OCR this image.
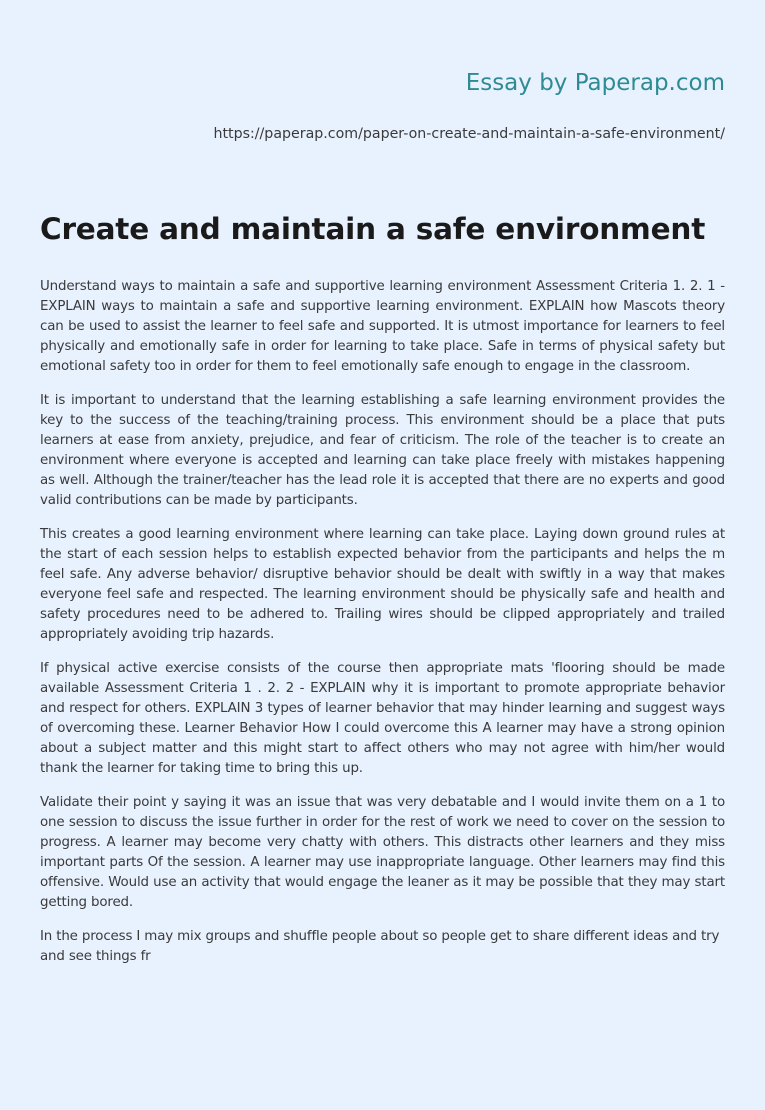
Essay by Paperap.com
https://paperap.com/paper-on-create-and-maintain-a-safe-environment/
Create and maintain a safe environment

Understand ways to maintain a safe and supportive learning environment Assessment Criteria 1. 2. 1 - EXPLAIN ways to maintain a safe and supportive learning environment. EXPLAIN how Mascots theory can be used to assist the learner to feel safe and supported. It is utmost importance for learners to feel physically and emotionally safe in order for learning to take place. Safe in terms of physical safety but emotional safety too in order for them to feel emotionally safe enough to engage in the classroom.

It is important to understand that the learning establishing a safe learning environment provides the key to the success of the teaching/training process. This environment should be a place that puts learners at ease from anxiety, prejudice, and fear of criticism. The role of the teacher is to create an environment where everyone is accepted and learning can take place freely with mistakes happening as well. Although the trainer/teacher has the lead role it is accepted that there are no experts and good valid contributions can be made by participants.

This creates a good learning environment where learning can take place. Laying down ground rules at the start of each session helps to establish expected behavior from the participants and helps the m feel safe. Any adverse behavior/ disruptive behavior should be dealt with swiftly in a way that makes everyone feel safe and respected. The learning environment should be physically safe and health and safety procedures need to be adhered to. Trailing wires should be clipped appropriately and trailed appropriately avoiding trip hazards.

If physical active exercise consists of the course then appropriate mats 'flooring should be made available Assessment Criteria 1 . 2. 2 - EXPLAIN why it is important to promote appropriate behavior and respect for others. EXPLAIN 3 types of learner behavior that may hinder learning and suggest ways of overcoming these. Learner Behavior How I could overcome this A learner may have a strong opinion about a subject matter and this might start to affect others who may not agree with him/her would thank the learner for taking time to bring this up.

Validate their point y saying it was an issue that was very debatable and I would invite them on a 1 to one session to discuss the issue further in order for the rest of work we need to cover on the session to progress. A learner may become very chatty with others. This distracts other learners and they miss important parts Of the session. A learner may use inappropriate language. Other learners may find this offensive. Would use an activity that would engage the leaner as it may be possible that they may start getting bored.

In the process I may mix groups and shuffle people about so people get to share different ideas and try and see things fr
